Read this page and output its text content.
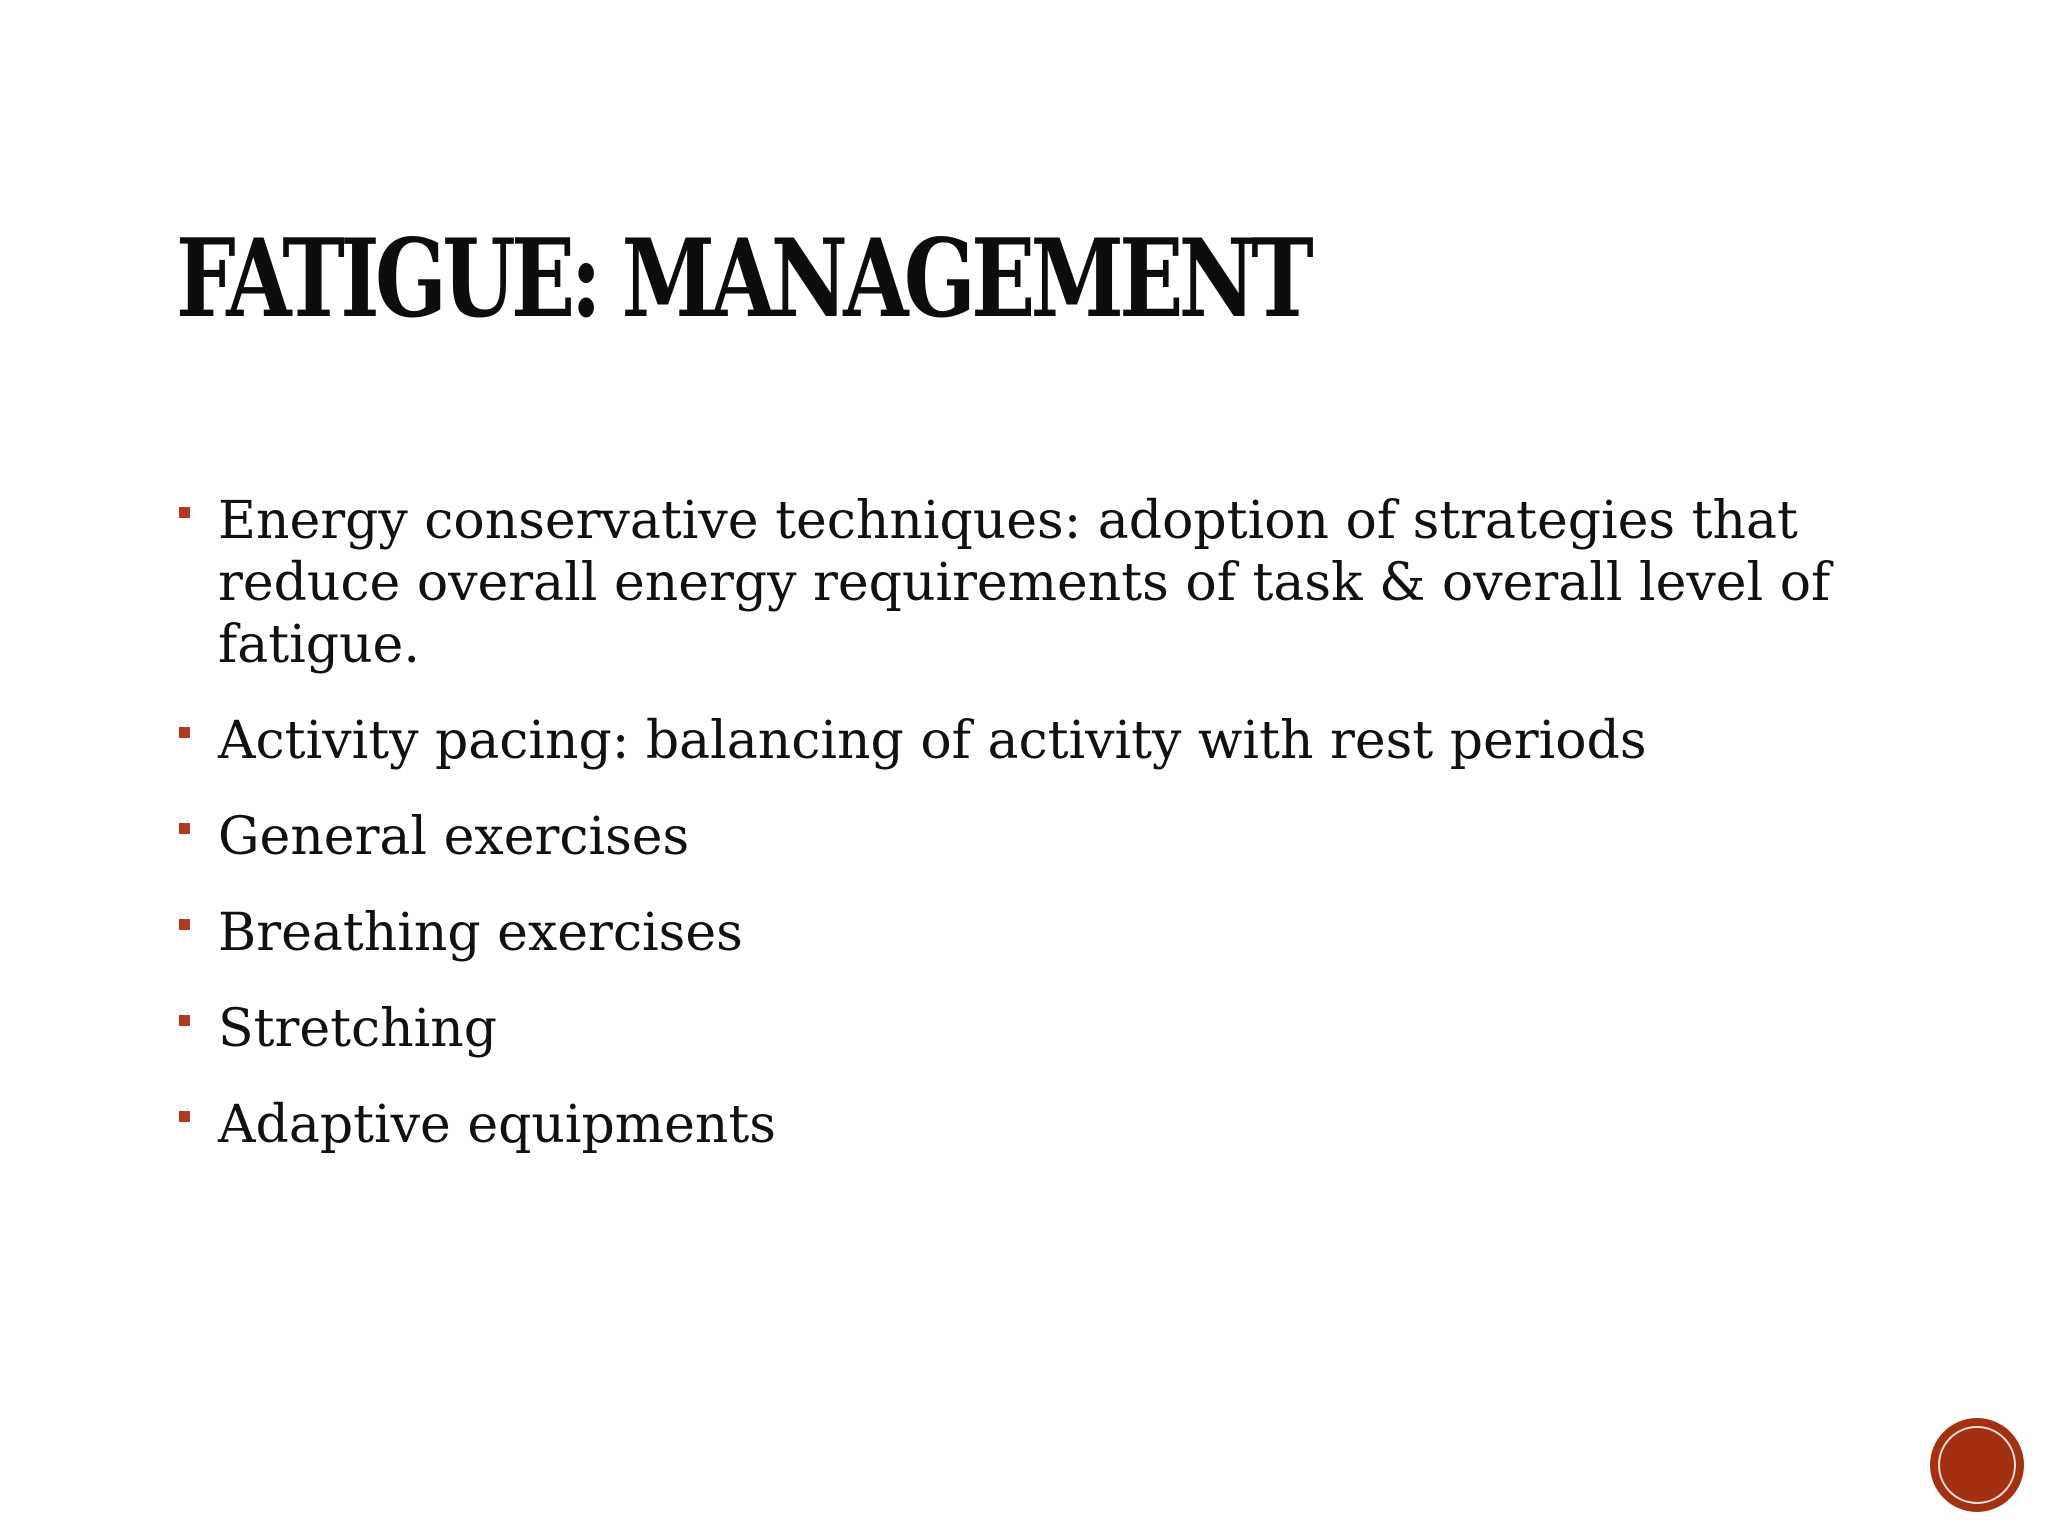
FATIGUE: MANAGEMENT
Energy conservative techniques: adoption of strategies that reduce overall energy requirements of task & overall level of fatigue.
Activity pacing: balancing of activity with rest periods
General exercises
Breathing exercises
Stretching
Adaptive equipments
